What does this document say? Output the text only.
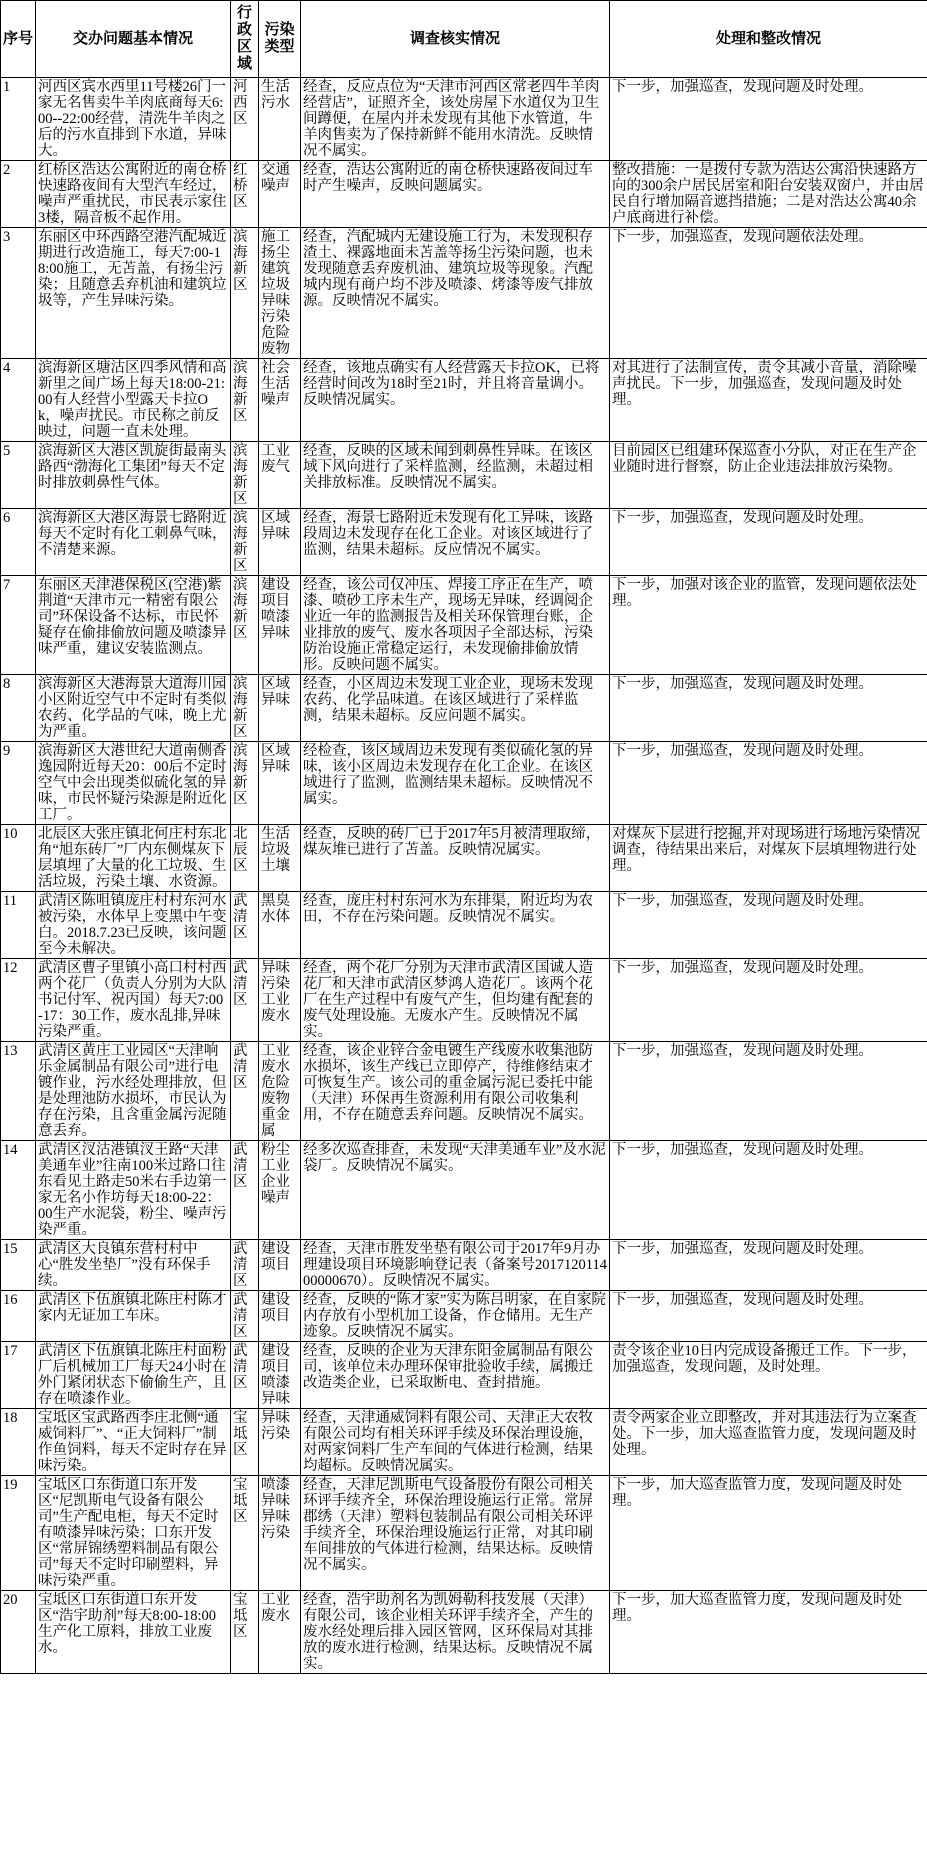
序号	交办问题基本情况	行政区域	污染类型	调查核实情况	处理和整改情况
1	河西区宾水西里11号楼26门一家无名售卖牛羊肉底商每天6:00--22:00经营，清洗牛羊肉之后的污水直排到下水道，异味大。	河西区	生活污水	经查，反应点位为“天津市河西区常老四牛羊肉经营店”，证照齐全，该处房屋下水道仅为卫生间蹲便，在屋内并未发现有其他下水管道，牛羊肉售卖为了保持新鲜不能用水清洗。反映情况不属实。	下一步，加强巡查，发现问题及时处理。
2	红桥区浩达公寓附近的南仓桥快速路夜间有大型汽车经过，噪声严重扰民，市民表示家住3楼，隔音板不起作用。	红桥区	交通噪声	经查，浩达公寓附近的南仓桥快速路夜间过车时产生噪声，反映问题属实。	整改措施：一是拨付专款为浩达公寓沿快速路方向的300余户居民居室和阳台安装双窗户，并由居民自行增加隔音遮挡措施；二是对浩达公寓40余户底商进行补偿。
3	东丽区中环西路空港汽配城近期进行改造施工，每天7:00-18:00施工，无苫盖，有扬尘污染；且随意丢弃机油和建筑垃圾等，产生异味污染。	滨海新区	施工扬尘建筑垃圾异味污染危险废物	经查，汽配城内无建设施工行为，未发现积存渣土、裸露地面未苫盖等扬尘污染问题，也未发现随意丢弃废机油、建筑垃圾等现象。汽配城内现有商户均不涉及喷漆、烤漆等废气排放源。反映情况不属实。	下一步，加强巡查，发现问题依法处理。
4	滨海新区塘沽区四季风情和高新里之间广场上每天18:00-21:00有人经营小型露天卡拉Ok，噪声扰民。市民称之前反映过，问题一直未处理。	滨海新区	社会生活噪声	经查，该地点确实有人经营露天卡拉OK，已将经营时间改为18时至21时，并且将音量调小。反映情况属实。	对其进行了法制宣传，责令其减小音量，消除噪声扰民。下一步，加强巡查，发现问题及时处理。
5	滨海新区大港区凯旋街最南头路西“渤海化工集团”每天不定时排放刺鼻性气体。	滨海新区	工业废气	经查，反映的区域未闻到刺鼻性异味。在该区域下风向进行了采样监测，经监测，未超过相关排放标准。反映情况不属实。	目前园区已组建环保巡查小分队，对正在生产企业随时进行督察，防止企业违法排放污染物。
6	滨海新区大港区海景七路附近每天不定时有化工刺鼻气味，不清楚来源。	滨海新区	区域异味	经查，海景七路附近未发现有化工异味，该路段周边未发现存在化工企业。对该区域进行了监测，结果未超标。反应情况不属实。	下一步，加强巡查，发现问题及时处理。
7	东丽区天津港保税区(空港)紫荆道“天津市元一精密有限公司”环保设备不达标，市民怀疑存在偷排偷放问题及喷漆异味严重，建议安装监测点。	滨海新区	建设项目喷漆异味	经查，该公司仅冲压、焊接工序正在生产，喷漆、喷砂工序未生产，现场无异味，经调阅企业近一年的监测报告及相关环保管理台账，企业排放的废气、废水各项因子全部达标，污染防治设施正常稳定运行，未发现偷排偷放情形。反映问题不属实。	下一步，加强对该企业的监管，发现问题依法处理。
8	滨海新区大港海景大道海川园小区附近空气中不定时有类似农药、化学品的气味，晚上尤为严重。	滨海新区	区域异味	经查，小区周边未发现工业企业，现场未发现农药、化学品味道。在该区域进行了采样监测，结果未超标。反应问题不属实。	下一步，加强巡查，发现问题及时处理。
9	滨海新区大港世纪大道南侧香逸园附近每天20：00后不定时空气中会出现类似硫化氢的异味，市民怀疑污染源是附近化工厂。	滨海新区	区域异味	经检查，该区域周边未发现有类似硫化氢的异味，该小区周边未发现存在化工企业。在该区域进行了监测，监测结果未超标。反映情况不属实。	下一步，加强巡查，发现问题及时处理。
10	北辰区大张庄镇北何庄村东北角“旭东砖厂”厂内东侧煤灰下层填埋了大量的化工垃圾、生活垃圾，污染土壤、水资源。	北辰区	生活垃圾土壤	经查，反映的砖厂已于2017年5月被清理取缔，煤灰堆已进行了苫盖。反映情况属实。	对煤灰下层进行挖掘,并对现场进行场地污染情况调查，待结果出来后，对煤灰下层填埋物进行处理。
11	武清区陈咀镇庞庄村村东河水被污染，水体早上变黑中午变白。2018.7.23已反映，该问题至今未解决。	武清区	黑臭水体	经查，庞庄村村东河水为东排渠，附近均为农田，不存在污染问题。反映情况不属实。	下一步，加强巡查，发现问题及时处理。
12	武清区曹子里镇小高口村村西两个花厂（负责人分别为大队书记付军、祝丙国）每天7:00-17：30工作，废水乱排,异味污染严重。	武清区	异味污染工业废水	经查，两个花厂分别为天津市武清区国诚人造花厂和天津市武清区梦鸿人造花厂。该两个花厂在生产过程中有废气产生，但均建有配套的废气处理设施。无废水产生。反映情况不属实。	下一步，加强巡查，发现问题及时处理。
13	武清区黄庄工业园区“天津响乐金属制品有限公司”进行电镀作业，污水经处理排放，但是处理池防水损坏，市民认为存在污染，且含重金属污泥随意丢弃。	武清区	工业废水危险废物重金属	经查，该企业锌合金电镀生产线废水收集池防水损坏，该生产线已立即停产，待维修结束才可恢复生产。该公司的重金属污泥已委托中能（天津）环保再生资源利用有限公司收集利用，不存在随意丢弃问题。反映情况不属实。	下一步，加强巡查，发现问题及时处理。
14	武清区汊沽港镇汊王路“天津美通车业”往南100米过路口往东看见土路走50米右手边第一家无名小作坊每天18:00-22：00生产水泥袋，粉尘、噪声污染严重。	武清区	粉尘工业企业噪声	经多次巡查排查，未发现“天津美通车业”及水泥袋厂。反映情况不属实。	下一步，加强巡查，发现问题及时处理。
15	武清区大良镇东营村村中心“胜发坐垫厂”没有环保手续。	武清区	建设项目	经查，天津市胜发坐垫有限公司于2017年9月办理建设项目环境影响登记表（备案号201712011400000670）。反映情况不属实。	下一步，加强巡查，发现问题及时处理。
16	武清区下伍旗镇北陈庄村陈才家内无证加工车床。	武清区	建设项目	经查，反映的“陈才家”实为陈吕明家，在自家院内存放有小型机加工设备，作仓储用。无生产迹象。反映情况不属实。	下一步，加强巡查，发现问题及时处理。
17	武清区下伍旗镇北陈庄村面粉厂后机械加工厂每天24小时在外门紧闭状态下偷偷生产，且存在喷漆作业。	武清区	建设项目喷漆异味	经查，反映的企业为天津东阳金属制品有限公司，该单位未办理环保审批验收手续，属搬迁改造类企业，已采取断电、查封措施。	责令该企业10日内完成设备搬迁工作。下一步，加强巡查，发现问题，及时处理。
18	宝坻区宝武路西李庄北侧“通威饲料厂”、“正大饲料厂”制作鱼饲料，每天不定时存在异味污染。	宝坻区	异味污染	经查，天津通威饲料有限公司、天津正大农牧有限公司均有相关环评手续及环保治理设施，对两家饲料厂生产车间的气体进行检测，结果均超标。反映情况属实。	责令两家企业立即整改，并对其违法行为立案查处。下一步，加大巡查监管力度，发现问题及时处理。
19	宝坻区口东街道口东开发区“尼凯斯电气设备有限公司”生产配电柜，每天不定时有喷漆异味污染；口东开发区“常屏锦绣塑料制品有限公司”每天不定时印刷塑料，异味污染严重。	宝坻区	喷漆异味异味污染	经查，天津尼凯斯电气设备股份有限公司相关环评手续齐全，环保治理设施运行正常。常屏郡绣（天津）塑料包装制品有限公司相关环评手续齐全，环保治理设施运行正常，对其印刷车间排放的气体进行检测，结果达标。反映情况不属实。	下一步，加大巡查监管力度，发现问题及时处理。
20	宝坻区口东街道口东开发区“浩宇助剂”每天8:00-18:00生产化工原料，排放工业废水。	宝坻区	工业废水	经查，浩宇助剂名为凯姆勒科技发展（天津）有限公司，该企业相关环评手续齐全，产生的废水经处理后排入园区管网，区环保局对其排放的废水进行检测，结果达标。反映情况不属实。	下一步，加大巡查监管力度，发现问题及时处理。
